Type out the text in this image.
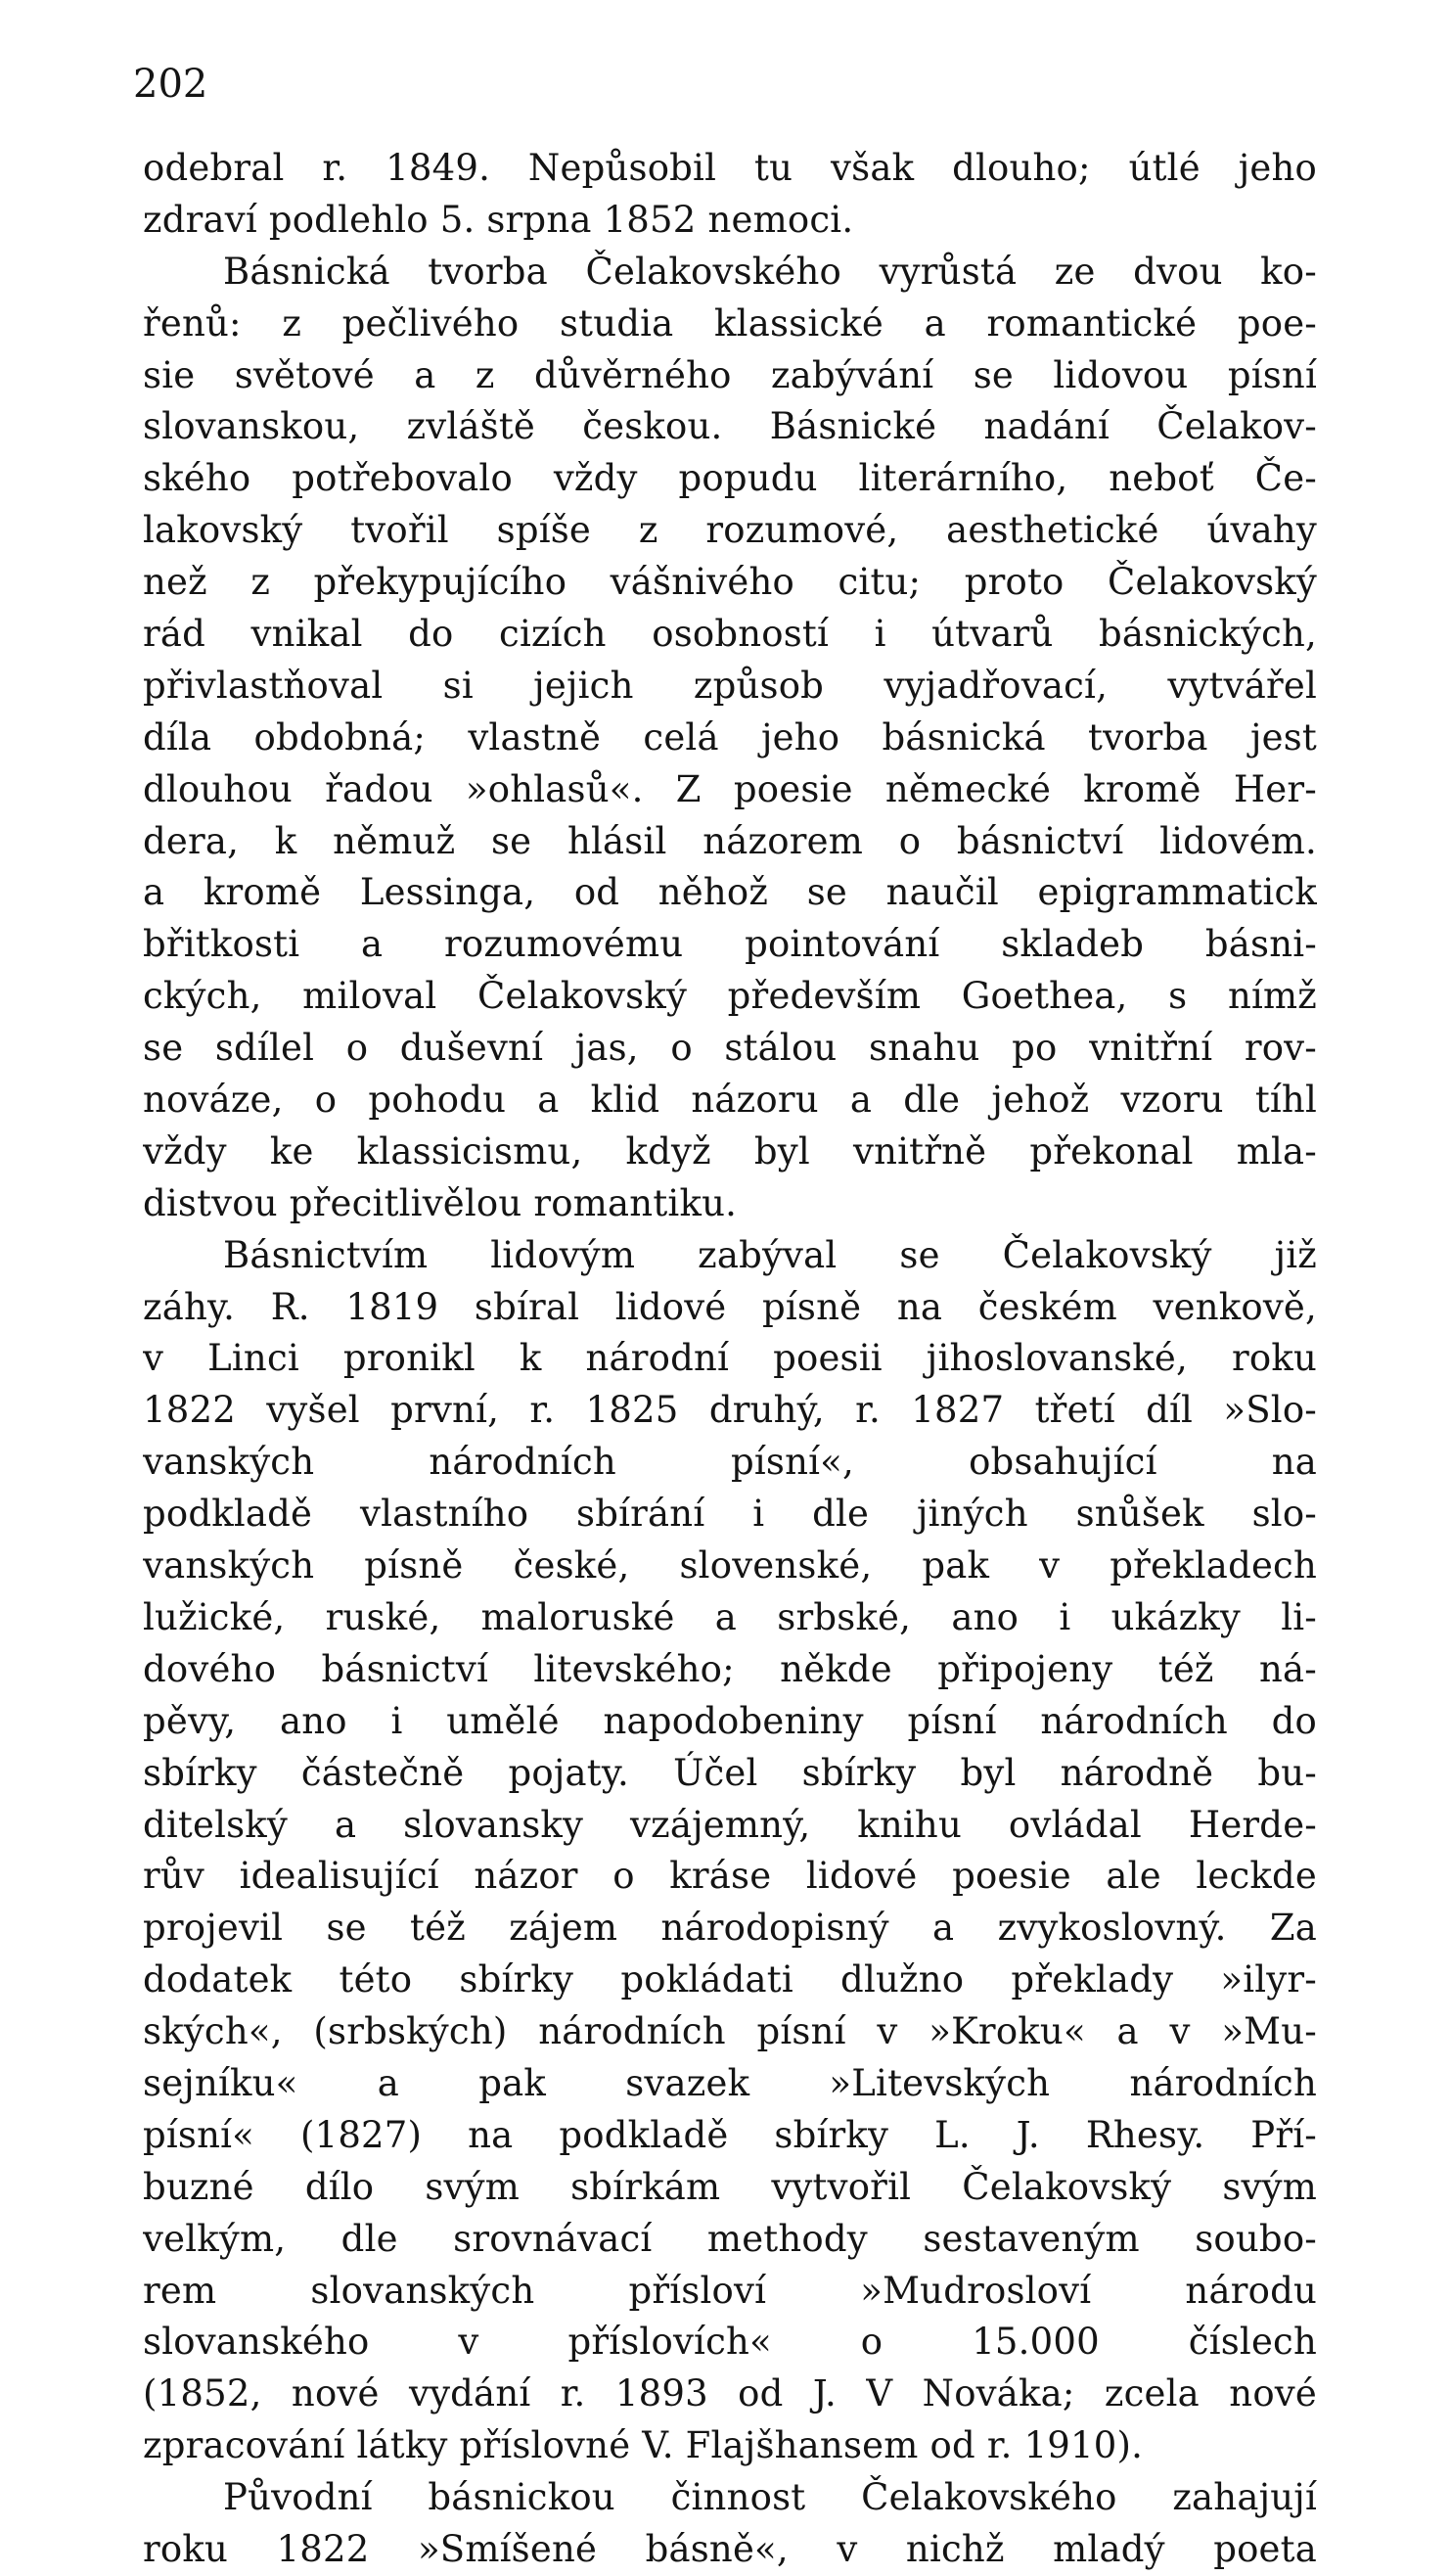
202
odebral r. 1849. Nepůsobil tu však dlouho; útlé jeho
zdraví podlehlo 5. srpna 1852 nemoci.
Básnická tvorba Čelakovského vyrůstá ze dvou ko-
řenů: z pečlivého studia klassické a romantické poe-
sie světové a z důvěrného zabývání se lidovou písní
slovanskou, zvláště českou. Básnické nadání Čelakov-
ského potřebovalo vždy popudu literárního, neboť Če-
lakovský tvořil spíše z rozumové, aesthetické úvahy
než z překypujícího vášnivého citu; proto Čelakovský
rád vnikal do cizích osobností i útvarů básnických,
přivlastňoval si jejich způsob vyjadřovací, vytvářel
díla obdobná; vlastně celá jeho básnická tvorba jest
dlouhou řadou »ohlasů«. Z poesie německé kromě Her-
dera, k němuž se hlásil názorem o básnictví lidovém.
a kromě Lessinga, od něhož se naučil epigrammatick
břitkosti a rozumovému pointování skladeb básni-
ckých, miloval Čelakovský především Goethea, s nímž
se sdílel o duševní jas, o stálou snahu po vnitřní rov-
nováze, o pohodu a klid názoru a dle jehož vzoru tíhl
vždy ke klassicismu, když byl vnitřně překonal mla-
distvou přecitlivělou romantiku.
Básnictvím lidovým zabýval se Čelakovský již
záhy. R. 1819 sbíral lidové písně na českém venkově,
v Linci pronikl k národní poesii jihoslovanské, roku
1822 vyšel první, r. 1825 druhý, r. 1827 třetí díl »Slo-
vanských národních písní«, obsahující na
podkladě vlastního sbírání i dle jiných snůšek slo-
vanských písně české, slovenské, pak v překladech
lužické, ruské, maloruské a srbské, ano i ukázky li-
dového básnictví litevského; někde připojeny též ná-
pěvy, ano i umělé napodobeniny písní národních do
sbírky částečně pojaty. Účel sbírky byl národně bu-
ditelský a slovansky vzájemný, knihu ovládal Herde-
rův idealisující názor o kráse lidové poesie ale leckde
projevil se též zájem národopisný a zvykoslovný. Za
dodatek této sbírky pokládati dlužno překlady »ilyr-
ských«, (srbských) národních písní v »Kroku« a v »Mu-
sejníku« a pak svazek »Litevských národních
písní« (1827) na podkladě sbírky L. J. Rhesy. Pří-
buzné dílo svým sbírkám vytvořil Čelakovský svým
velkým, dle srovnávací methody sestaveným soubo-
rem slovanských přísloví »Mudrosloví národu
slovanského v příslovích« o 15.000 číslech
(1852, nové vydání r. 1893 od J. V Nováka; zcela nové
zpracování látky příslovné V. Flajšhansem od r. 1910).
Původní básnickou činnost Čelakovského zahajují
roku 1822 »Smíšené básně«, v nichž mladý poeta
